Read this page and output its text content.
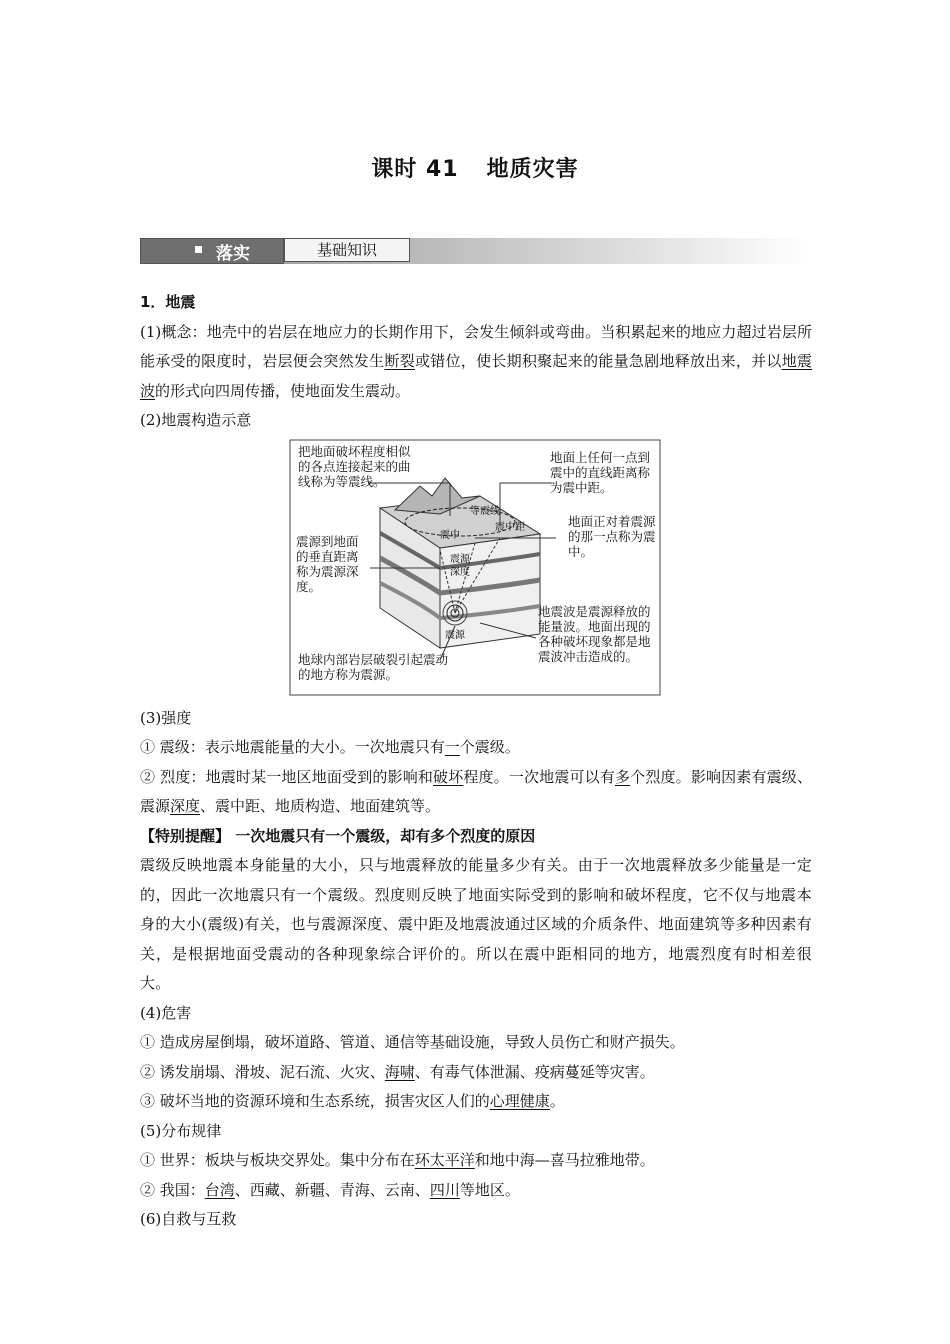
课时 41 地质灾害
落实	基础知识

1．地震

(1)概念：地壳中的岩层在地应力的长期作用下，会发生倾斜或弯曲。当积累起来的地应力超过岩层所能承受的限度时，岩层便会突然发生断裂或错位，使长期积聚起来的能量急剧地释放出来，并以地震波的形式向四周传播，使地面发生震动。

(2)地震构造示意

等震线
震中距
震中
震源
深度
震源
把地面破坏程度相似的各点连接起来的曲线称为等震线。
地面上任何一点到震中的直线距离称为震中距。
地面正对着震源的那一点称为震中。
震源到地面的垂直距离称为震源深度。
地震波是震源释放的能量波。地面出现的各种破坏现象都是地震波冲击造成的。
地球内部岩层破裂引起震动的地方称为震源。

(3)强度

① 震级：表示地震能量的大小。一次地震只有一个震级。

② 烈度：地震时某一地区地面受到的影响和破坏程度。一次地震可以有多个烈度。影响因素有震级、震源深度、震中距、地质构造、地面建筑等。

【特别提醒】 一次地震只有一个震级，却有多个烈度的原因

震级反映地震本身能量的大小，只与地震释放的能量多少有关。由于一次地震释放多少能量是一定的，因此一次地震只有一个震级。烈度则反映了地面实际受到的影响和破坏程度，它不仅与地震本身的大小(震级)有关，也与震源深度、震中距及地震波通过区域的介质条件、地面建筑等多种因素有关，是根据地面受震动的各种现象综合评价的。所以在震中距相同的地方，地震烈度有时相差很大。

(4)危害

① 造成房屋倒塌，破坏道路、管道、通信等基础设施，导致人员伤亡和财产损失。

② 诱发崩塌、滑坡、泥石流、火灾、海啸、有毒气体泄漏、疫病蔓延等灾害。

③ 破坏当地的资源环境和生态系统，损害灾区人们的心理健康。

(5)分布规律

① 世界：板块与板块交界处。集中分布在环太平洋和地中海—喜马拉雅地带。

② 我国：台湾、西藏、新疆、青海、云南、四川等地区。

(6)自救与互救
